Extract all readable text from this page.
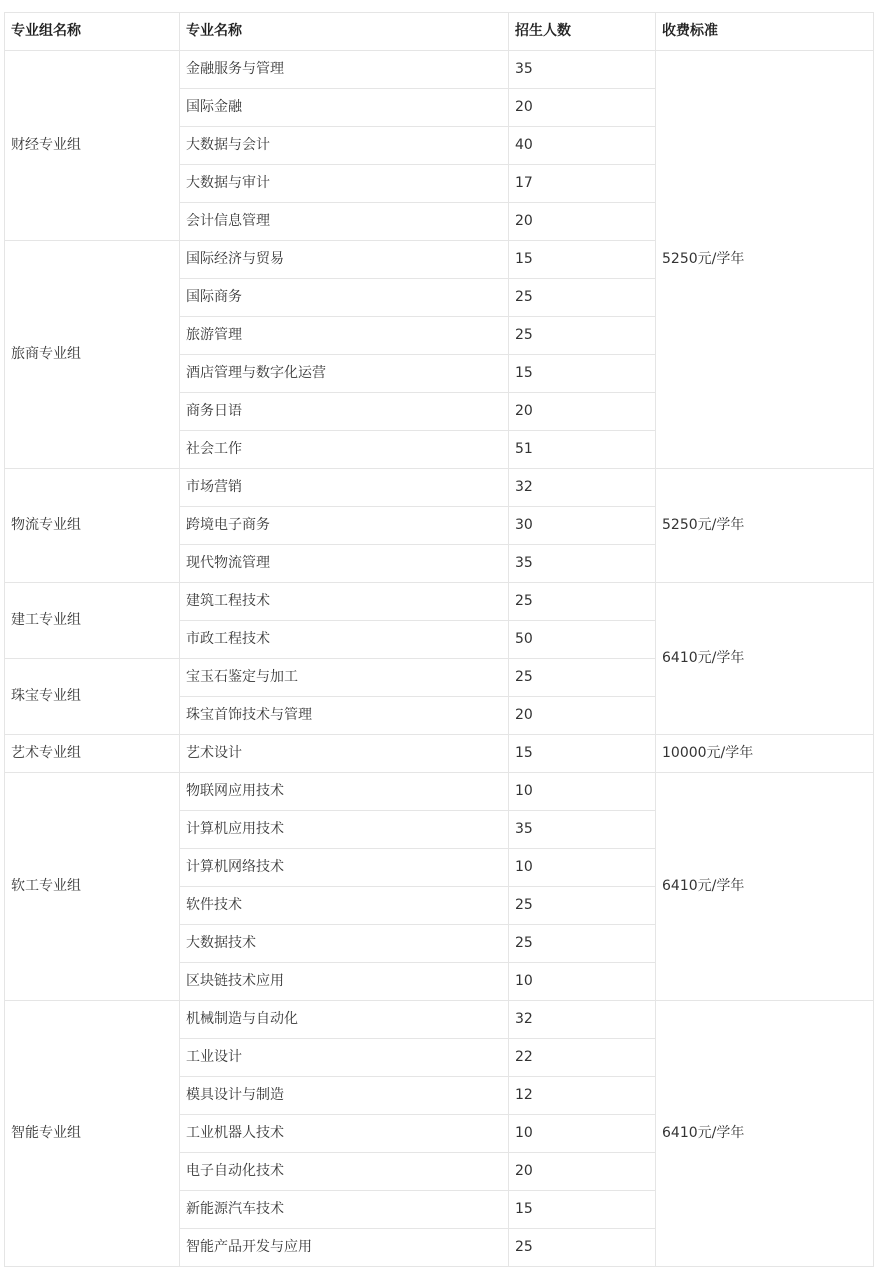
专业组名称	专业名称	招生人数	收费标准
财经专业组	金融服务与管理	35	5250元/学年
	国际金融	20	
	大数据与会计	40	
	大数据与审计	17	
	会计信息管理	20	
旅商专业组	国际经济与贸易	15	
	国际商务	25	
	旅游管理	25	
	酒店管理与数字化运营	15	
	商务日语	20	
	社会工作	51	
物流专业组	市场营销	32	5250元/学年
	跨境电子商务	30	
	现代物流管理	35	
建工专业组	建筑工程技术	25	6410元/学年
	市政工程技术	50	
珠宝专业组	宝玉石鉴定与加工	25	
	珠宝首饰技术与管理	20	
艺术专业组	艺术设计	15	10000元/学年
软工专业组	物联网应用技术	10	6410元/学年
	计算机应用技术	35	
	计算机网络技术	10	
	软件技术	25	
	大数据技术	25	
	区块链技术应用	10	
智能专业组	机械制造与自动化	32	6410元/学年
	工业设计	22	
	模具设计与制造	12	
	工业机器人技术	10	
	电子自动化技术	20	
	新能源汽车技术	15	
	智能产品开发与应用	25	
